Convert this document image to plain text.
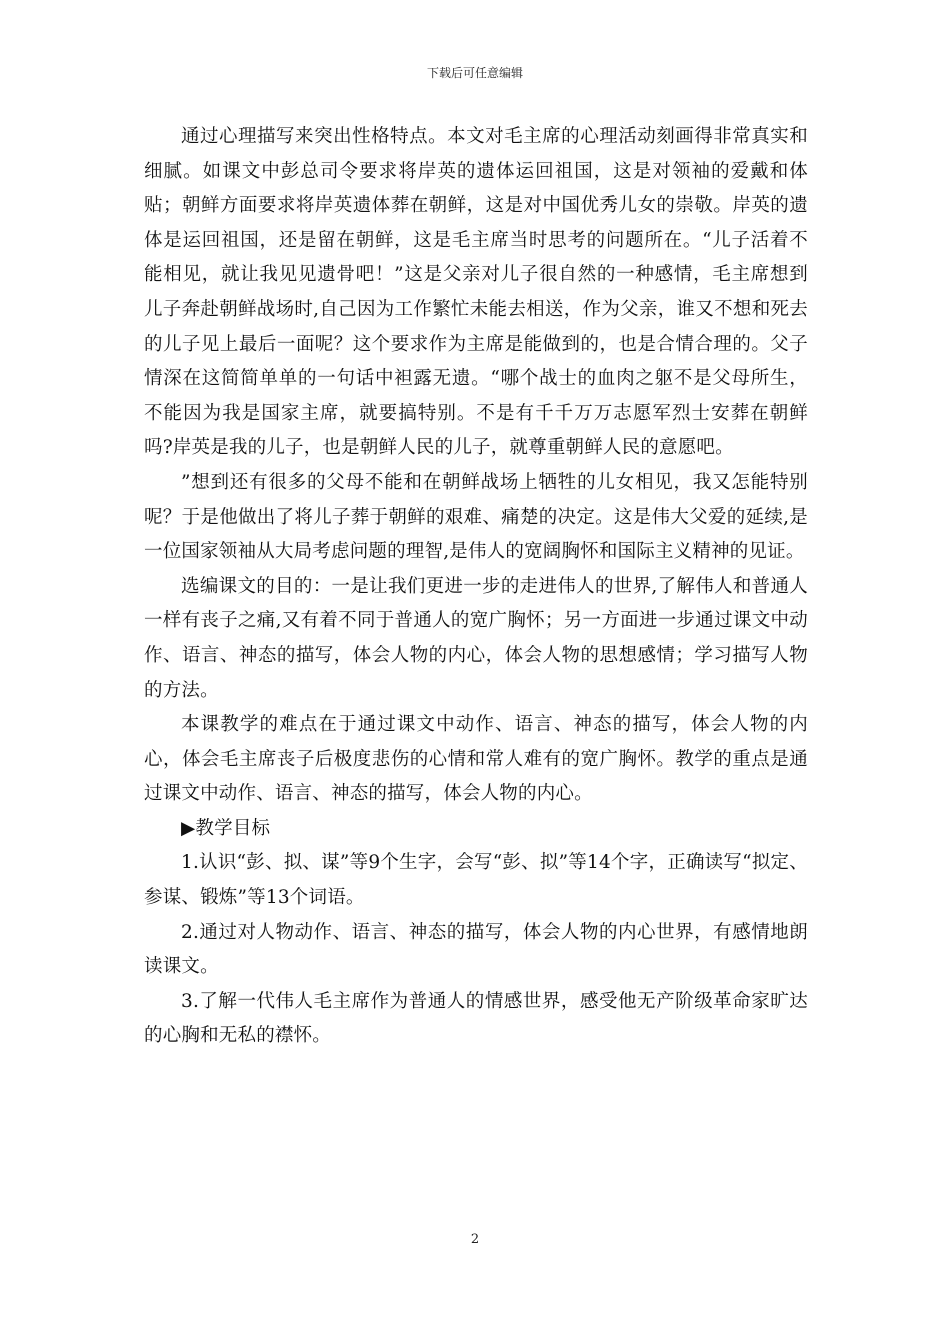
下载后可任意编辑

通过心理描写来突出性格特点。本文对毛主席的心理活动刻画得非常真实和细腻。如课文中彭总司令要求将岸英的遗体运回祖国，这是对领袖的爱戴和体贴；朝鲜方面要求将岸英遗体葬在朝鲜，这是对中国优秀儿女的崇敬。岸英的遗体是运回祖国，还是留在朝鲜，这是毛主席当时思考的问题所在。“儿子活着不能相见，就让我见见遗骨吧！”这是父亲对儿子很自然的一种感情，毛主席想到儿子奔赴朝鲜战场时,自己因为工作繁忙未能去相送，作为父亲，谁又不想和死去的儿子见上最后一面呢？这个要求作为主席是能做到的，也是合情合理的。父子情深在这简简单单的一句话中袒露无遗。“哪个战士的血肉之躯不是父母所生，不能因为我是国家主席，就要搞特别。不是有千千万万志愿军烈士安葬在朝鲜吗?岸英是我的儿子，也是朝鲜人民的儿子，就尊重朝鲜人民的意愿吧。

”想到还有很多的父母不能和在朝鲜战场上牺牲的儿女相见，我又怎能特别呢？于是他做出了将儿子葬于朝鲜的艰难、痛楚的决定。这是伟大父爱的延续,是一位国家领袖从大局考虑问题的理智,是伟人的宽阔胸怀和国际主义精神的见证。

选编课文的目的：一是让我们更进一步的走进伟人的世界,了解伟人和普通人一样有丧子之痛,又有着不同于普通人的宽广胸怀；另一方面进一步通过课文中动作、语言、神态的描写，体会人物的内心，体会人物的思想感情；学习描写人物的方法。

本课教学的难点在于通过课文中动作、语言、神态的描写，体会人物的内心，体会毛主席丧子后极度悲伤的心情和常人难有的宽广胸怀。教学的重点是通过课文中动作、语言、神态的描写，体会人物的内心。

▶教学目标

1.认识“彭、拟、谋”等9个生字，会写“彭、拟”等14个字，正确读写“拟定、参谋、锻炼”等13个词语。

2.通过对人物动作、语言、神态的描写，体会人物的内心世界，有感情地朗读课文。

3.了解一代伟人毛主席作为普通人的情感世界，感受他无产阶级革命家旷达的心胸和无私的襟怀。

2
